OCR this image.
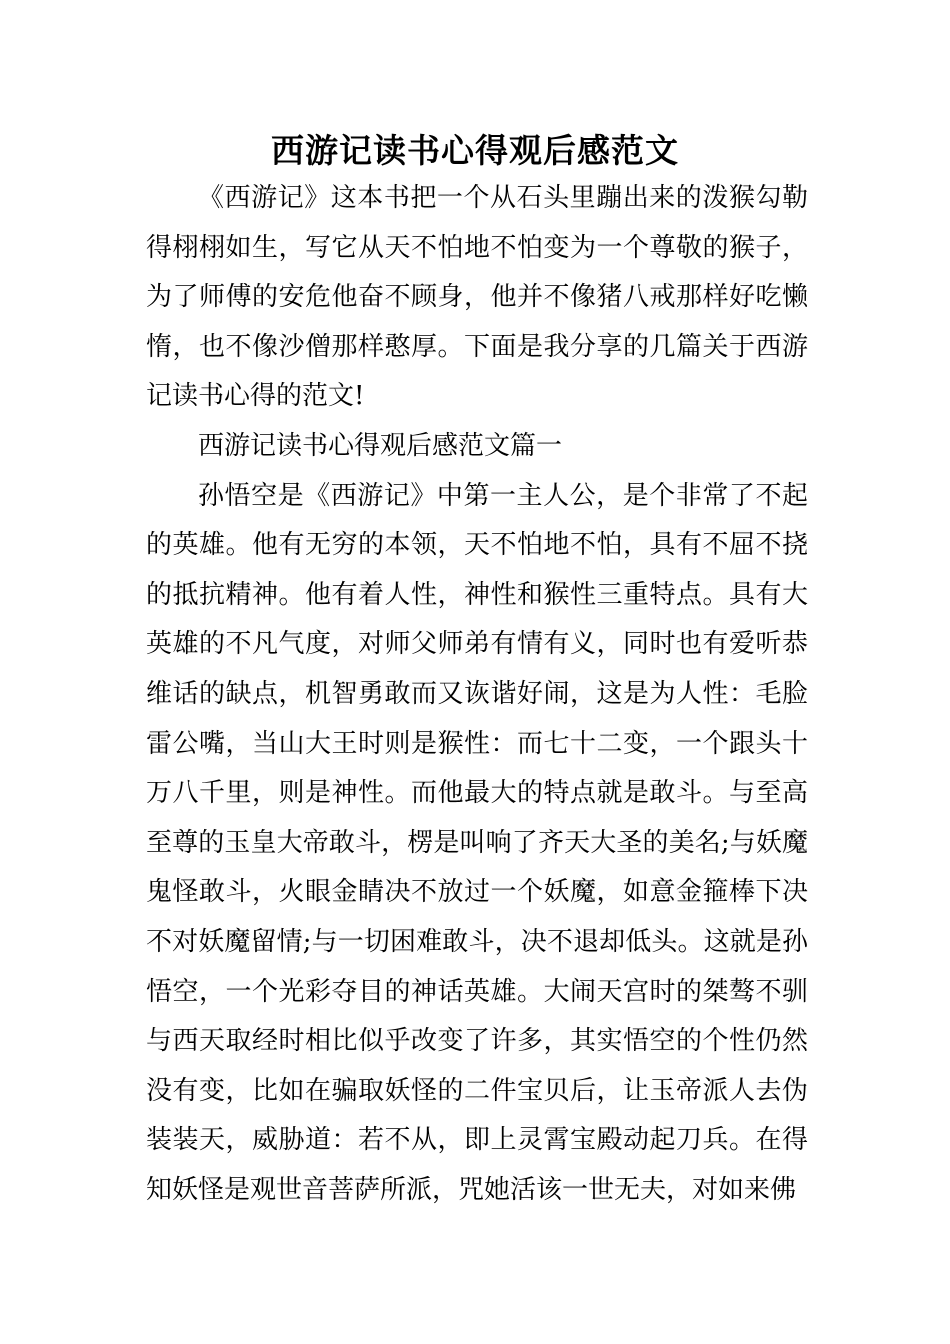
西游记读书心得观后感范文

《西游记》这本书把一个从石头里蹦出来的泼猴勾勒得栩栩如生，写它从天不怕地不怕变为一个尊敬的猴子，为了师傅的安危他奋不顾身，他并不像猪八戒那样好吃懒惰，也不像沙僧那样憨厚。下面是我分享的几篇关于西游记读书心得的范文!

西游记读书心得观后感范文篇一

孙悟空是《西游记》中第一主人公，是个非常了不起的英雄。他有无穷的本领，天不怕地不怕，具有不屈不挠的抵抗精神。他有着人性，神性和猴性三重特点。具有大英雄的不凡气度，对师父师弟有情有义，同时也有爱听恭维话的缺点，机智勇敢而又诙谐好闹，这是为人性：毛脸雷公嘴，当山大王时则是猴性：而七十二变，一个跟头十万八千里，则是神性。而他最大的特点就是敢斗。与至高至尊的玉皇大帝敢斗，楞是叫响了齐天大圣的美名;与妖魔鬼怪敢斗，火眼金睛决不放过一个妖魔，如意金箍棒下决不对妖魔留情;与一切困难敢斗，决不退却低头。这就是孙悟空，一个光彩夺目的神话英雄。大闹天宫时的桀骜不驯与西天取经时相比似乎改变了许多，其实悟空的个性仍然没有变，比如在骗取妖怪的二件宝贝后，让玉帝派人去伪装装天，威胁道：若不从，即上灵霄宝殿动起刀兵。在得知妖怪是观世音菩萨所派，咒她活该一世无夫，对如来佛
